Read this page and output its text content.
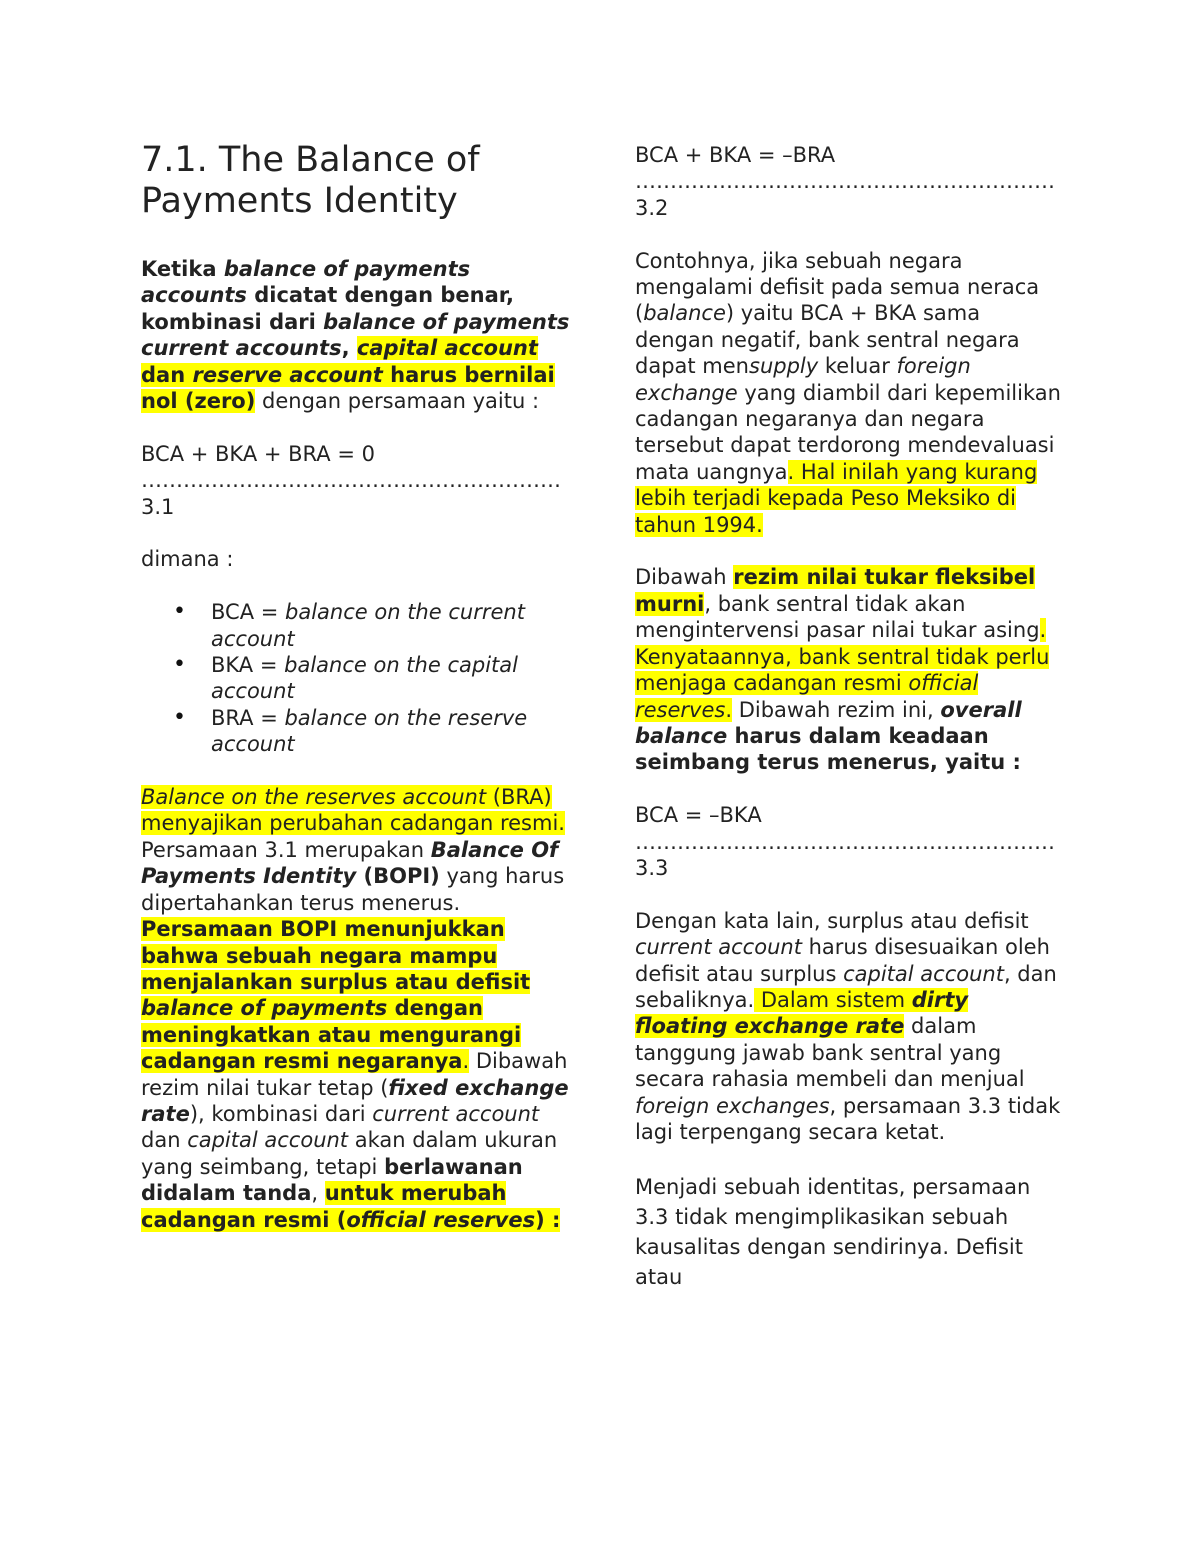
7.1. The Balance of Payments Identity

Ketika balance of payments accounts dicatat dengan benar, kombinasi dari balance of payments current accounts, capital account dan reserve account harus bernilai nol (zero) dengan persamaan yaitu :

BCA + BKA + BRA = 0

……………………………………………………

3.1

dimana :

• BCA = balance on the current account
• BKA = balance on the capital account
• BRA = balance on the reserve account

Balance on the reserves account (BRA) menyajikan perubahan cadangan resmi. Persamaan 3.1 merupakan Balance Of Payments Identity (BOPI) yang harus dipertahankan terus menerus. Persamaan BOPI menunjukkan bahwa sebuah negara mampu menjalankan surplus atau defisit balance of payments dengan meningkatkan atau mengurangi cadangan resmi negaranya. Dibawah rezim nilai tukar tetap (fixed exchange rate), kombinasi dari current account dan capital account akan dalam ukuran yang seimbang, tetapi berlawanan didalam tanda, untuk merubah cadangan resmi (official reserves) :

BCA + BKA = –BRA

……………………………………………………

3.2

Contohnya, jika sebuah negara mengalami defisit pada semua neraca (balance) yaitu BCA + BKA sama dengan negatif, bank sentral negara dapat mensupply keluar foreign exchange yang diambil dari kepemilikan cadangan negaranya dan negara tersebut dapat terdorong mendevaluasi mata uangnya. Hal inilah yang kurang lebih terjadi kepada Peso Meksiko di tahun 1994.

Dibawah rezim nilai tukar fleksibel murni, bank sentral tidak akan mengintervensi pasar nilai tukar asing. Kenyataannya, bank sentral tidak perlu menjaga cadangan resmi official reserves. Dibawah rezim ini, overall balance harus dalam keadaan seimbang terus menerus, yaitu :

BCA = –BKA

……………………………………………………

3.3

Dengan kata lain, surplus atau defisit current account harus disesuaikan oleh defisit atau surplus capital account, dan sebaliknya. Dalam sistem dirty floating exchange rate dalam tanggung jawab bank sentral yang secara rahasia membeli dan menjual foreign exchanges, persamaan 3.3 tidak lagi terpengang secara ketat.

Menjadi sebuah identitas, persamaan 3.3 tidak mengimplikasikan sebuah kausalitas dengan sendirinya. Defisit atau
